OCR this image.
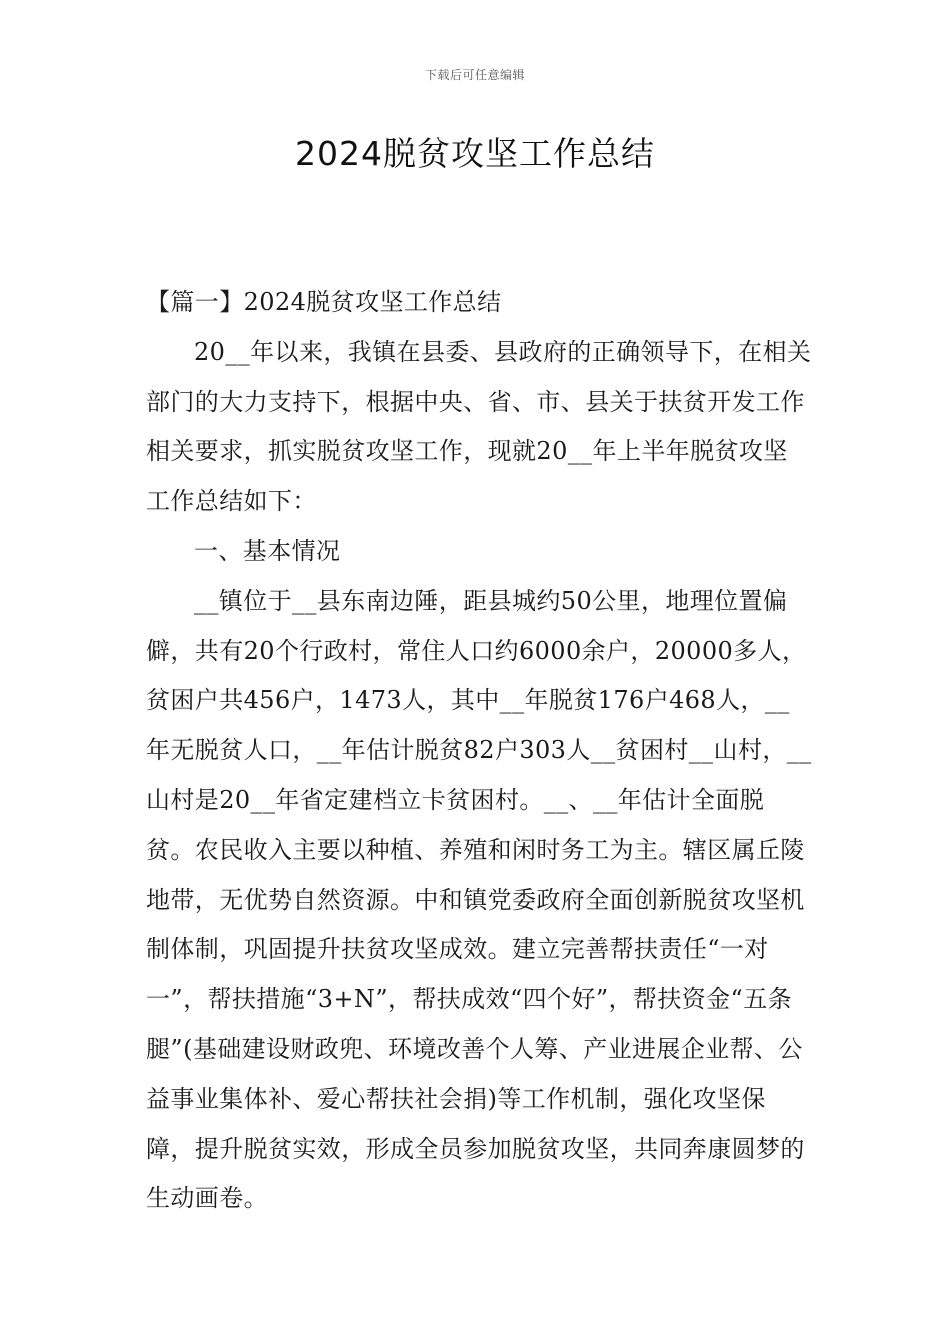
下载后可任意编辑
2024脱贫攻坚工作总结

【篇一】2024脱贫攻坚工作总结

20__年以来，我镇在县委、县政府的正确领导下，在相关部门的大力支持下，根据中央、省、市、县关于扶贫开发工作相关要求，抓实脱贫攻坚工作，现就20__年上半年脱贫攻坚工作总结如下：

一、基本情况

__镇位于__县东南边陲，距县城约50公里，地理位置偏僻，共有20个行政村，常住人口约6000余户，20000多人，贫困户共456户，1473人，其中__年脱贫176户468人，__年无脱贫人口，__年估计脱贫82户303人__贫困村__山村，__山村是20__年省定建档立卡贫困村。__、__年估计全面脱贫。农民收入主要以种植、养殖和闲时务工为主。辖区属丘陵地带，无优势自然资源。中和镇党委政府全面创新脱贫攻坚机制体制，巩固提升扶贫攻坚成效。建立完善帮扶责任“一对一”，帮扶措施“3+N”，帮扶成效“四个好”，帮扶资金“五条腿”(基础建设财政兜、环境改善个人筹、产业进展企业帮、公益事业集体补、爱心帮扶社会捐)等工作机制，强化攻坚保障，提升脱贫实效，形成全员参加脱贫攻坚，共同奔康圆梦的生动画卷。
